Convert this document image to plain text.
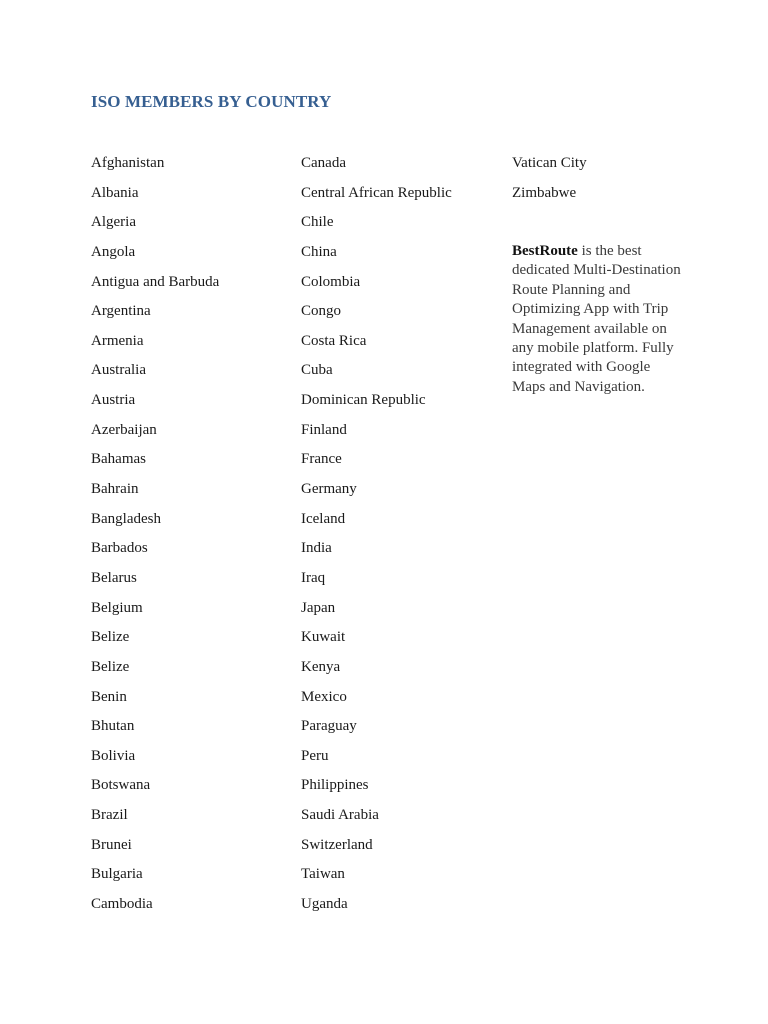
ISO MEMBERS BY COUNTRY
Afghanistan
Albania
Algeria
Angola
Antigua and Barbuda
Argentina
Armenia
Australia
Austria
Azerbaijan
Bahamas
Bahrain
Bangladesh
Barbados
Belarus
Belgium
Belize
Belize
Benin
Bhutan
Bolivia
Botswana
Brazil
Brunei
Bulgaria
Cambodia
Canada
Central African Republic
Chile
China
Colombia
Congo
Costa Rica
Cuba
Dominican Republic
Finland
France
Germany
Iceland
India
Iraq
Japan
Kuwait
Kenya
Mexico
Paraguay
Peru
Philippines
Saudi Arabia
Switzerland
Taiwan
Uganda
Vatican City
Zimbabwe

BestRoute is the best dedicated Multi-Destination Route Planning and Optimizing App with Trip Management available on any mobile platform. Fully integrated with Google Maps and Navigation.
